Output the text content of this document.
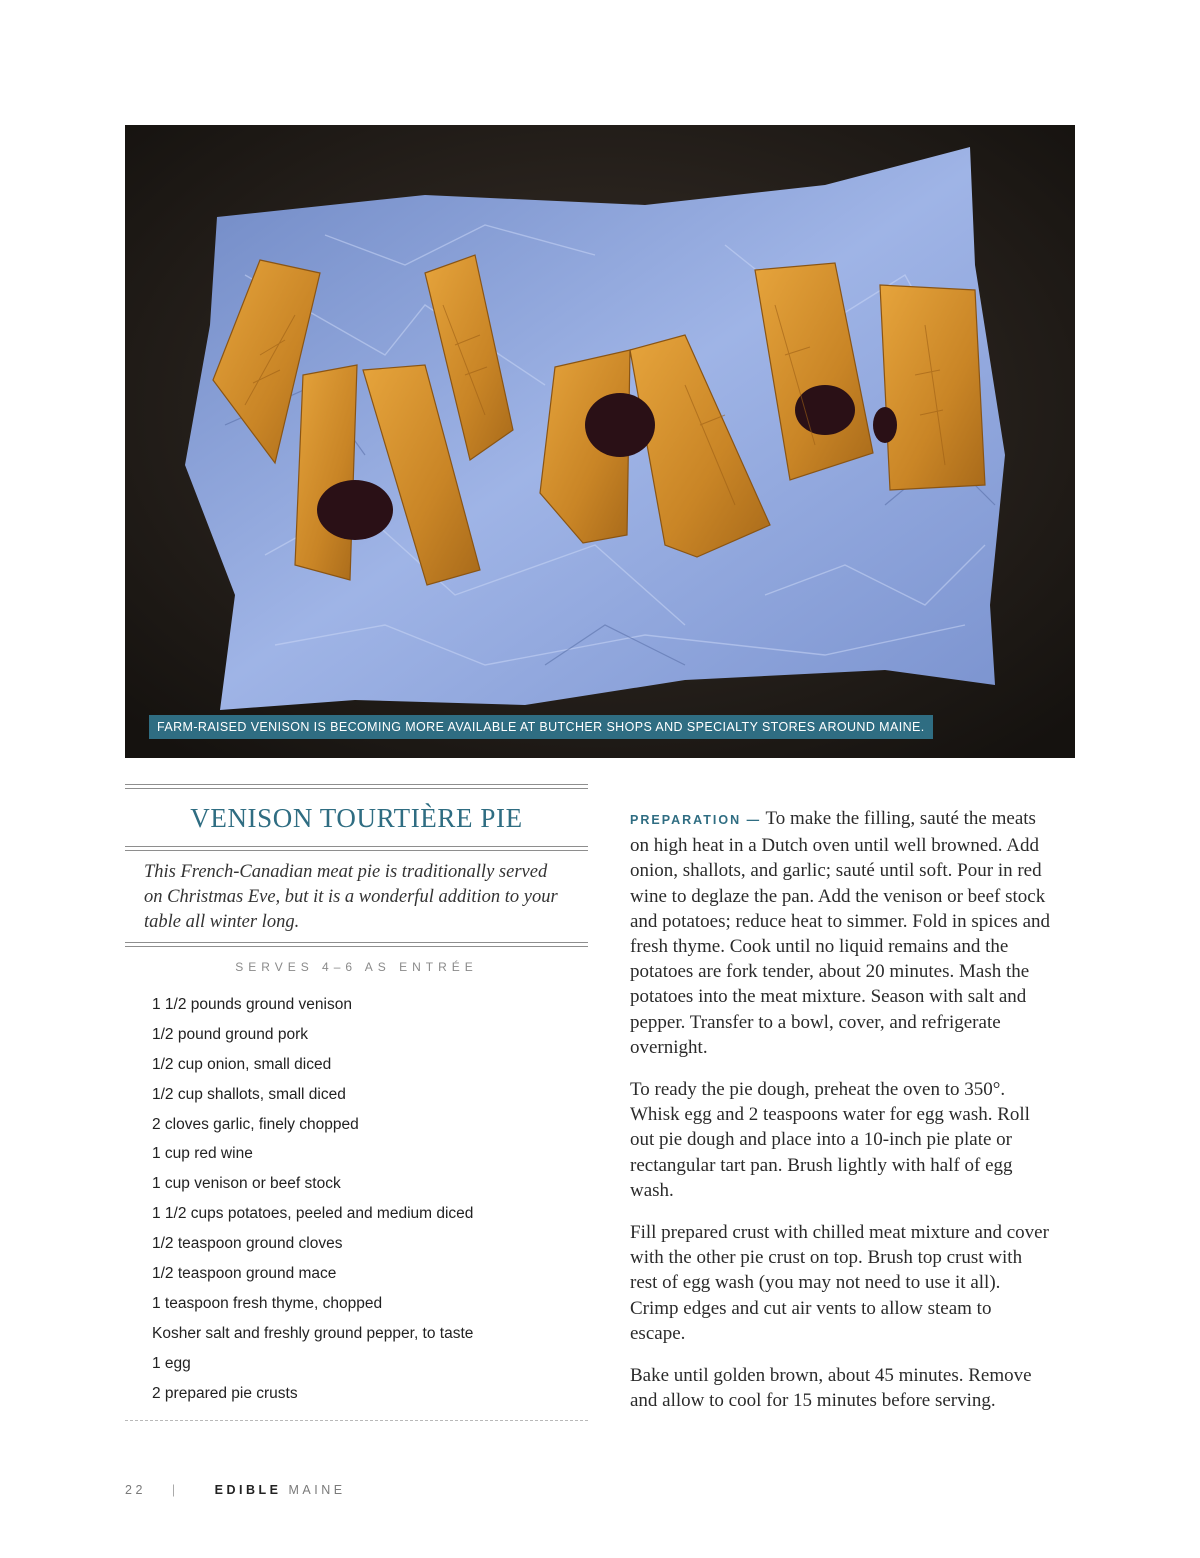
FARM-RAISED VENISON IS BECOMING MORE AVAILABLE AT BUTCHER SHOPS AND SPECIALTY STORES AROUND MAINE.
VENISON TOURTIÈRE PIE
This French-Canadian meat pie is traditionally served on Christmas Eve, but it is a wonderful addition to your table all winter long.
SERVES 4–6 AS ENTRÉE
1 1/2 pounds ground venison
1/2 pound ground pork
1/2 cup onion, small diced
1/2 cup shallots, small diced
2 cloves garlic, finely chopped
1 cup red wine
1 cup venison or beef stock
1 1/2 cups potatoes, peeled and medium diced
1/2 teaspoon ground cloves
1/2 teaspoon ground mace
1 teaspoon fresh thyme, chopped
Kosher salt and freshly ground pepper, to taste
1 egg
2 prepared pie crusts

PREPARATION — To make the filling, sauté the meats on high heat in a Dutch oven until well browned. Add onion, shallots, and garlic; sauté until soft. Pour in red wine to deglaze the pan. Add the venison or beef stock and potatoes; reduce heat to simmer. Fold in spices and fresh thyme. Cook until no liquid remains and the potatoes are fork tender, about 20 minutes. Mash the potatoes into the meat mixture. Season with salt and pepper. Transfer to a bowl, cover, and refrigerate overnight.

To ready the pie dough, preheat the oven to 350°. Whisk egg and 2 teaspoons water for egg wash. Roll out pie dough and place into a 10-inch pie plate or rectangular tart pan. Brush lightly with half of egg wash.

Fill prepared crust with chilled meat mixture and cover with the other pie crust on top. Brush top crust with rest of egg wash (you may not need to use it all). Crimp edges and cut air vents to allow steam to escape.

Bake until golden brown, about 45 minutes. Remove and allow to cool for 15 minutes before serving.

22 |	EDIBLE MAINE
